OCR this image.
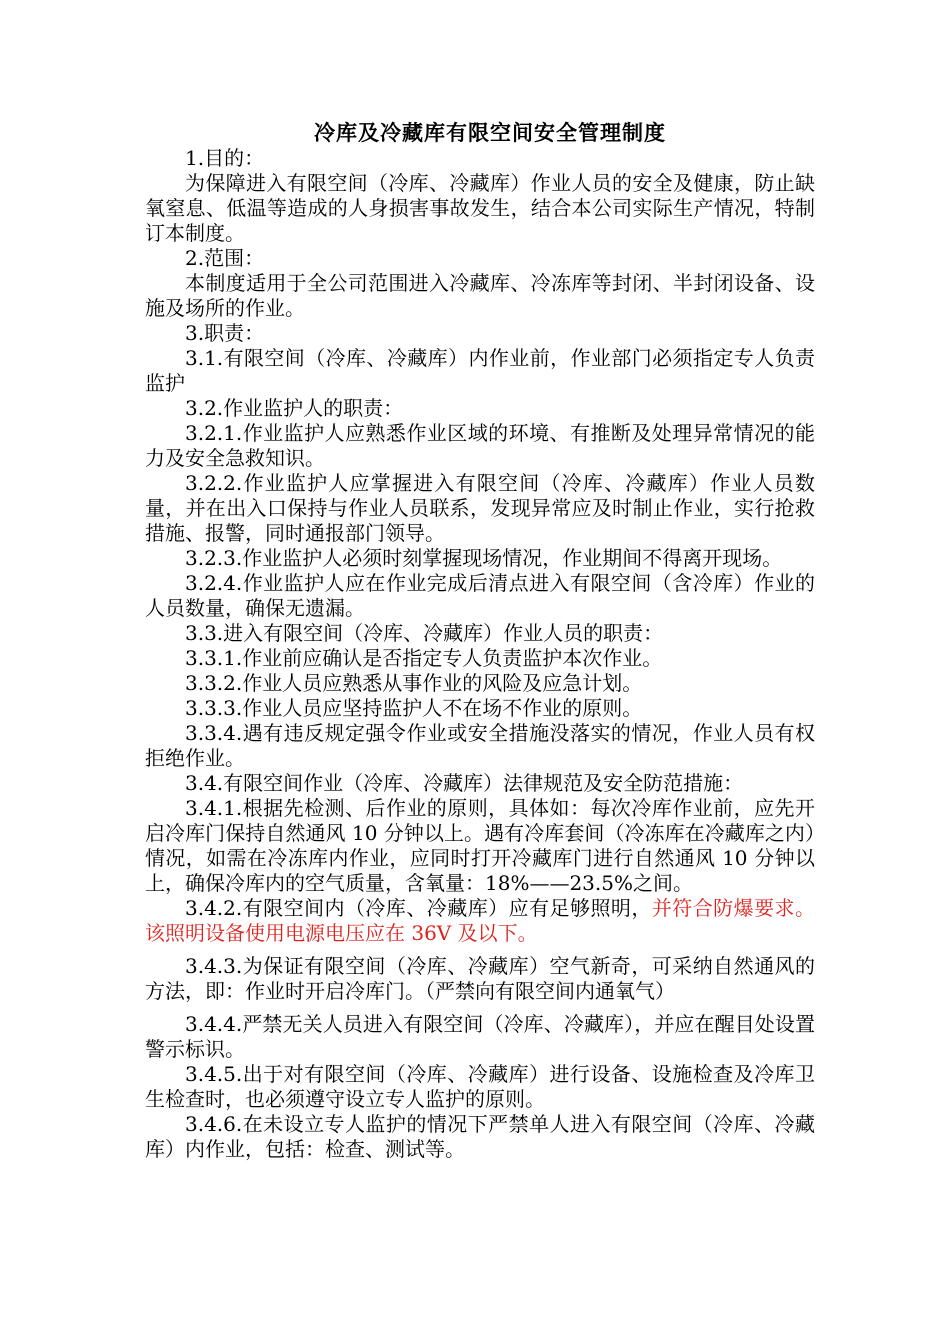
冷库及冷藏库有限空间安全管理制度

1.目的：

为保障进入有限空间（冷库、冷藏库）作业人员的安全及健康，防止缺氧窒息、低温等造成的人身损害事故发生，结合本公司实际生产情况，特制订本制度。

2.范围：

本制度适用于全公司范围进入冷藏库、冷冻库等封闭、半封闭设备、设施及场所的作业。

3.职责：

3.1.有限空间（冷库、冷藏库）内作业前，作业部门必须指定专人负责监护

3.2.作业监护人的职责：

3.2.1.作业监护人应熟悉作业区域的环境、有推断及处理异常情况的能力及安全急救知识。

3.2.2.作业监护人应掌握进入有限空间（冷库、冷藏库）作业人员数量，并在出入口保持与作业人员联系，发现异常应及时制止作业，实行抢救措施、报警，同时通报部门领导。

3.2.3.作业监护人必须时刻掌握现场情况，作业期间不得离开现场。

3.2.4.作业监护人应在作业完成后清点进入有限空间（含冷库）作业的人员数量，确保无遗漏。

3.3.进入有限空间（冷库、冷藏库）作业人员的职责：

3.3.1.作业前应确认是否指定专人负责监护本次作业。

3.3.2.作业人员应熟悉从事作业的风险及应急计划。

3.3.3.作业人员应坚持监护人不在场不作业的原则。

3.3.4.遇有违反规定强令作业或安全措施没落实的情况，作业人员有权拒绝作业。

3.4.有限空间作业（冷库、冷藏库）法律规范及安全防范措施：

3.4.1.根据先检测、后作业的原则，具体如：每次冷库作业前，应先开启冷库门保持自然通风 10 分钟以上。遇有冷库套间（冷冻库在冷藏库之内）情况，如需在冷冻库内作业，应同时打开冷藏库门进行自然通风 10 分钟以上，确保冷库内的空气质量，含氧量：18%——23.5%之间。

3.4.2.有限空间内（冷库、冷藏库）应有足够照明，并符合防爆要求。该照明设备使用电源电压应在 36V 及以下。

3.4.3.为保证有限空间（冷库、冷藏库）空气新奇，可采纳自然通风的方法，即：作业时开启冷库门。（严禁向有限空间内通氧气）

3.4.4.严禁无关人员进入有限空间（冷库、冷藏库），并应在醒目处设置警示标识。

3.4.5.出于对有限空间（冷库、冷藏库）进行设备、设施检查及冷库卫生检查时，也必须遵守设立专人监护的原则。

3.4.6.在未设立专人监护的情况下严禁单人进入有限空间（冷库、冷藏库）内作业，包括：检查、测试等。
